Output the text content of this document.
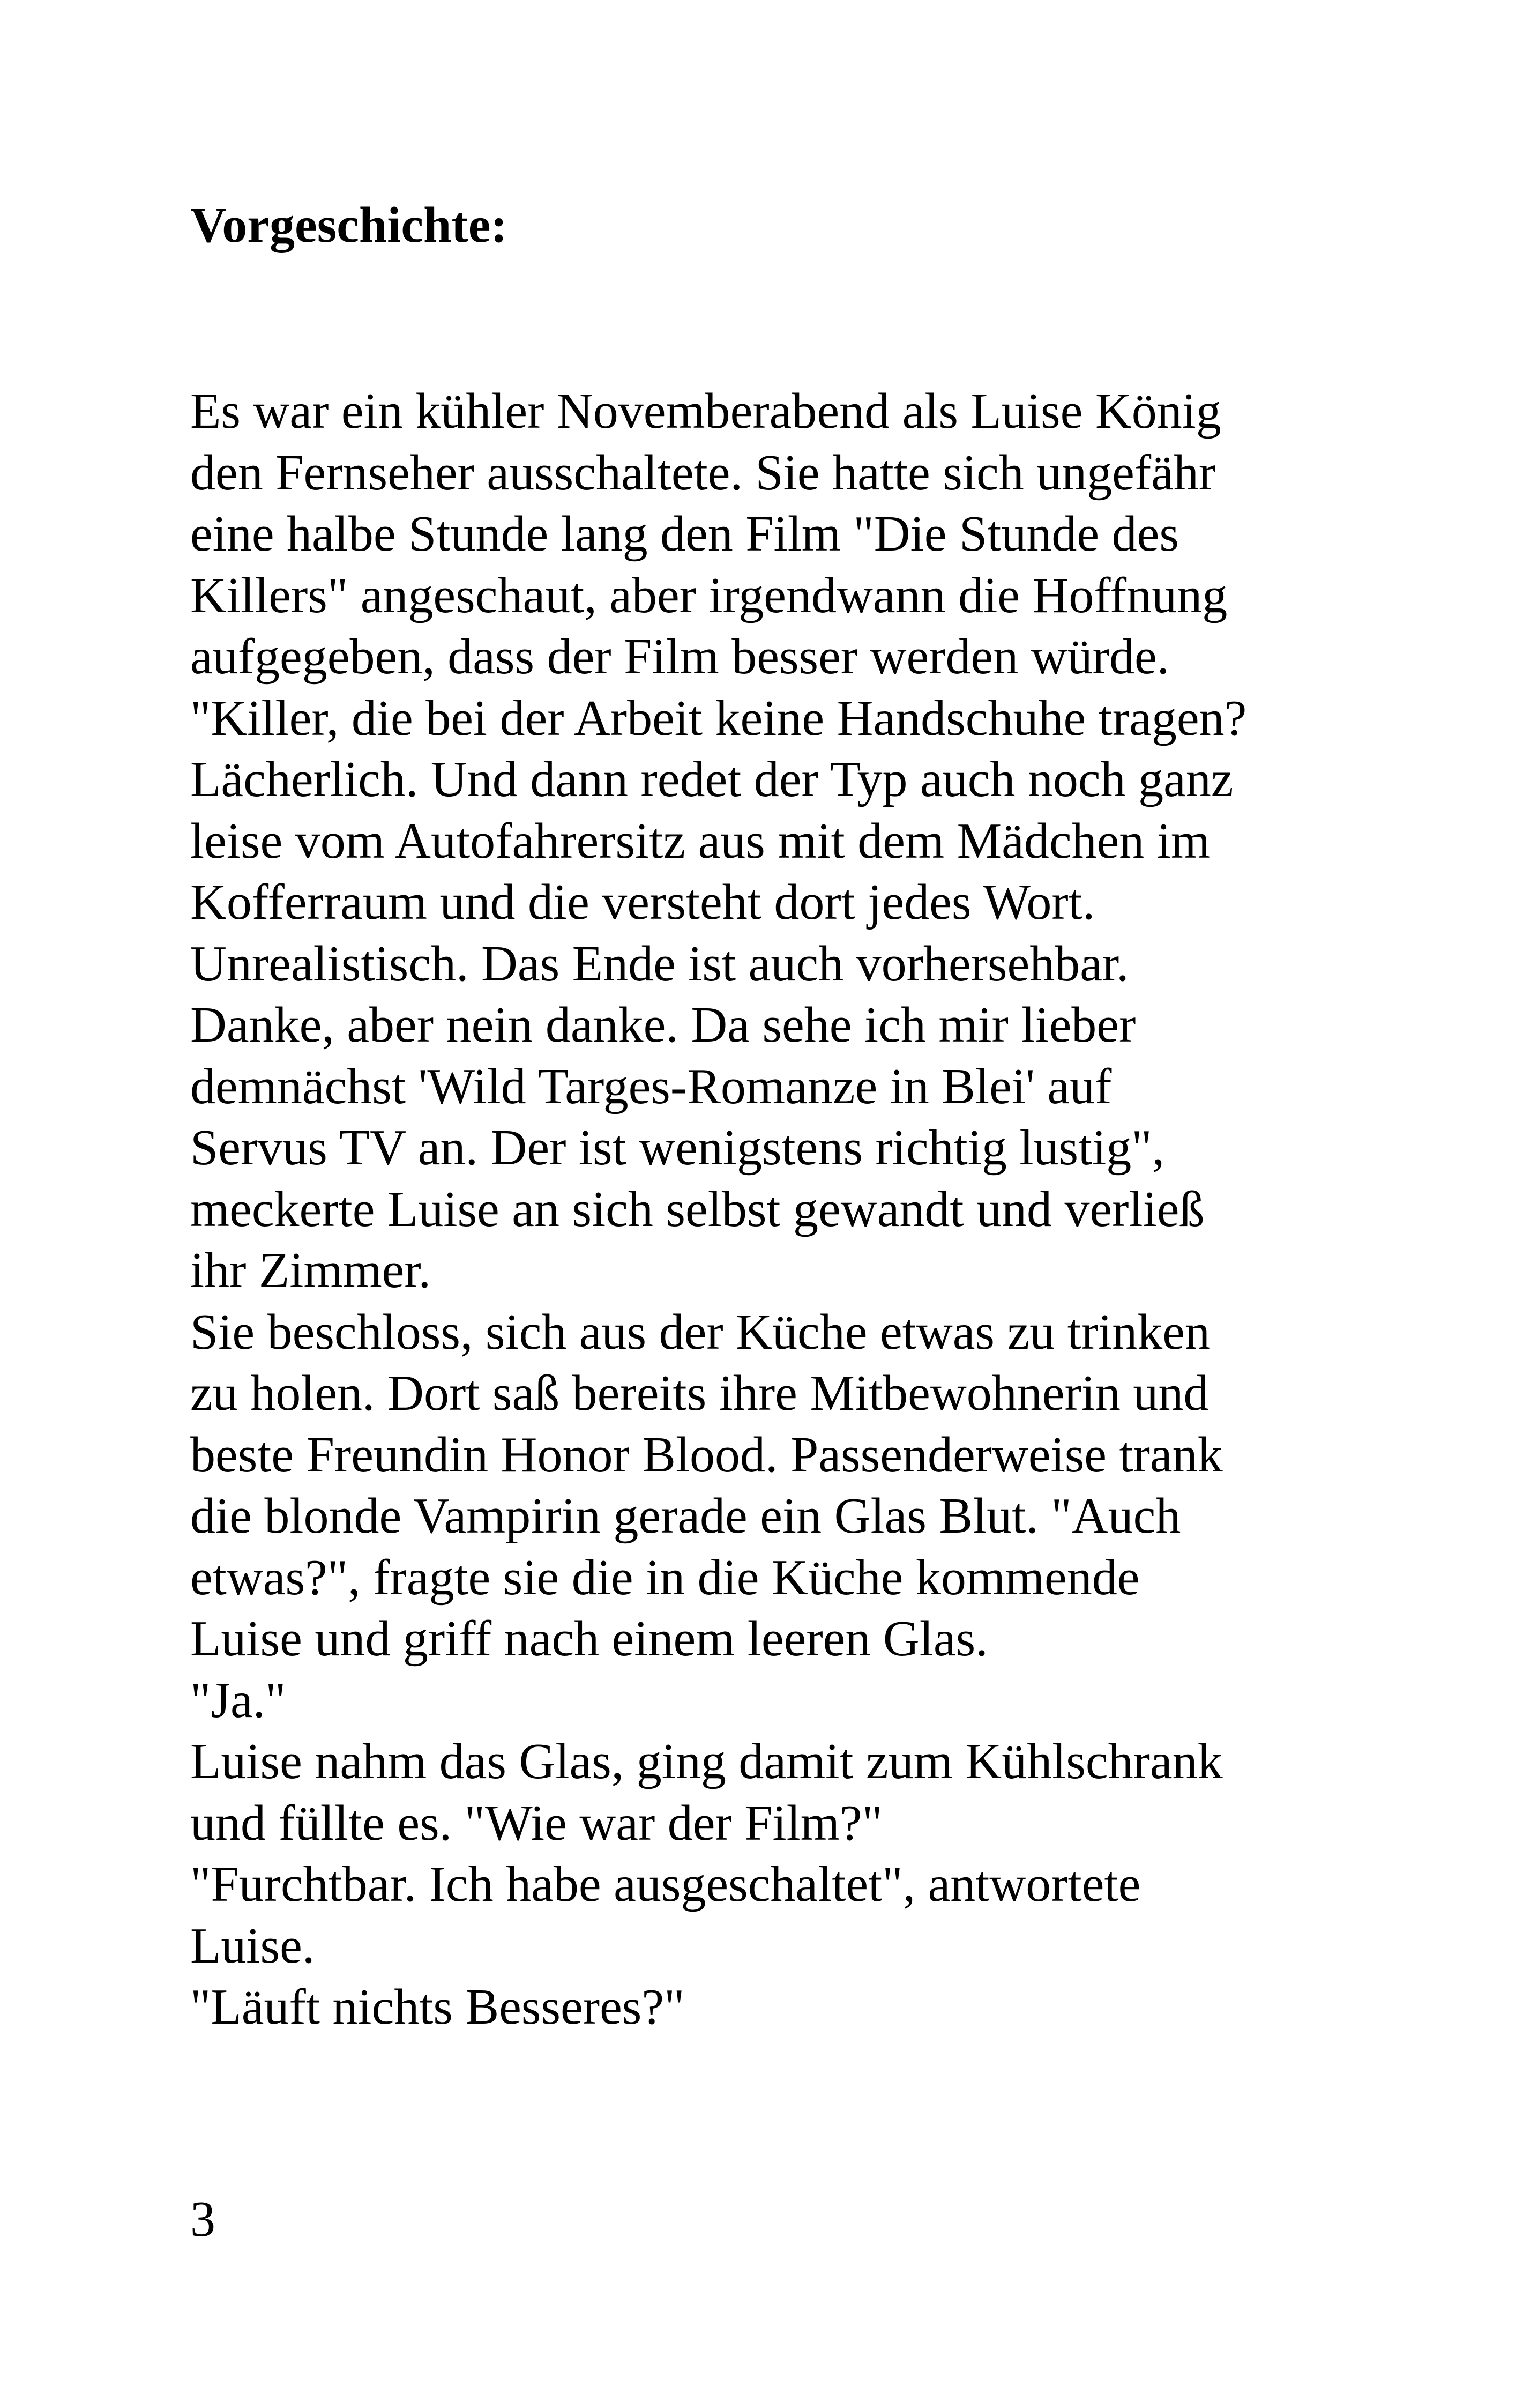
Vorgeschichte:
Es war ein kühler Novemberabend als Luise König
den Fernseher ausschaltete. Sie hatte sich ungefähr
eine halbe Stunde lang den Film "Die Stunde des
Killers" angeschaut, aber irgendwann die Hoffnung
aufgegeben, dass der Film besser werden würde.
"Killer, die bei der Arbeit keine Handschuhe tragen?
Lächerlich. Und dann redet der Typ auch noch ganz
leise vom Autofahrersitz aus mit dem Mädchen im
Kofferraum und die versteht dort jedes Wort.
Unrealistisch. Das Ende ist auch vorhersehbar.
Danke, aber nein danke. Da sehe ich mir lieber
demnächst 'Wild Targes-Romanze in Blei' auf
Servus TV an. Der ist wenigstens richtig lustig",
meckerte Luise an sich selbst gewandt und verließ
ihr Zimmer.
Sie beschloss, sich aus der Küche etwas zu trinken
zu holen. Dort saß bereits ihre Mitbewohnerin und
beste Freundin Honor Blood. Passenderweise trank
die blonde Vampirin gerade ein Glas Blut. "Auch
etwas?", fragte sie die in die Küche kommende
Luise und griff nach einem leeren Glas.
"Ja."
Luise nahm das Glas, ging damit zum Kühlschrank
und füllte es. "Wie war der Film?"
"Furchtbar. Ich habe ausgeschaltet", antwortete
Luise.
"Läuft nichts Besseres?"
3
